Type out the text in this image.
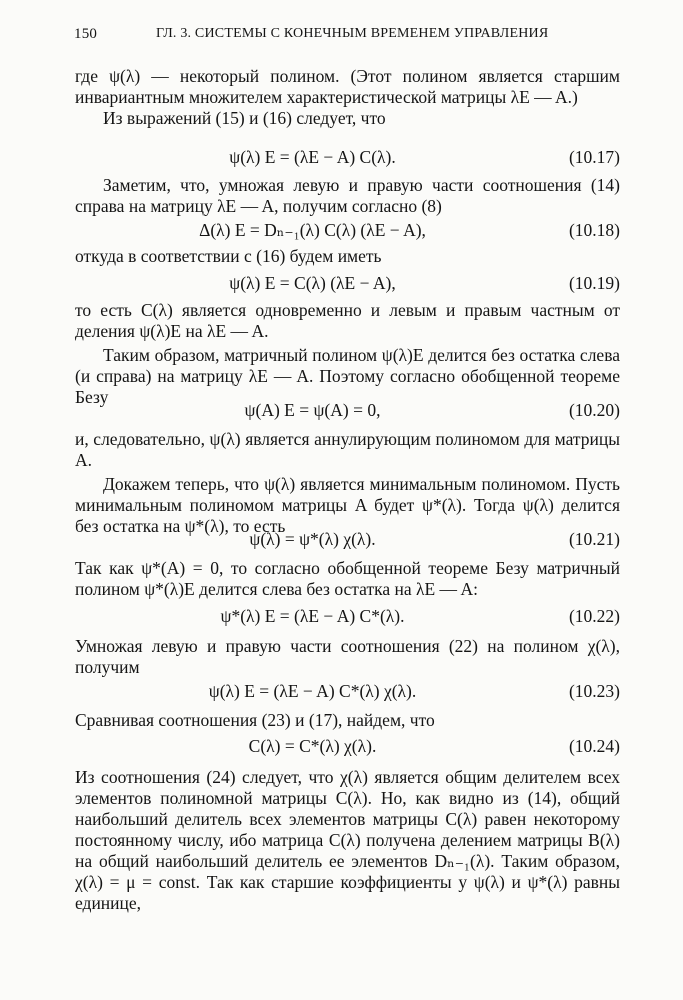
150	ГЛ. 3. СИСТЕМЫ С КОНЕЧНЫМ ВРЕМЕНЕМ УПРАВЛЕНИЯ

где ψ(λ) — некоторый полином. (Этот полином является старшим инвариантным множителем характеристической матрицы λE — A.)

Из выражений (15) и (16) следует, что

ψ(λ) E = (λE − A) C(λ).	(10.17)

Заметим, что, умножая левую и правую части соотношения (14) справа на матрицу λE — A, получим согласно (8)

Δ(λ) E = Dₙ₋₁(λ) C(λ) (λE − A),	(10.18)

откуда в соответствии с (16) будем иметь

ψ(λ) E = C(λ) (λE − A),	(10.19)

то есть C(λ) является одновременно и левым и правым частным от деления ψ(λ)E на λE — A.

Таким образом, матричный полином ψ(λ)E делится без остатка слева (и справа) на матрицу λE — A. Поэтому согласно обобщенной теореме Безу

ψ(A) E = ψ(A) = 0,	(10.20)

и, следовательно, ψ(λ) является аннулирующим полиномом для матрицы A.

Докажем теперь, что ψ(λ) является минимальным полиномом. Пусть минимальным полиномом матрицы A будет ψ*(λ). Тогда ψ(λ) делится без остатка на ψ*(λ), то есть

ψ(λ) = ψ*(λ) χ(λ).	(10.21)

Так как ψ*(A) = 0, то согласно обобщенной теореме Безу матричный полином ψ*(λ)E делится слева без остатка на λE — A:

ψ*(λ) E = (λE − A) C*(λ).	(10.22)

Умножая левую и правую части соотношения (22) на полином χ(λ), получим

ψ(λ) E = (λE − A) C*(λ) χ(λ).	(10.23)

Сравнивая соотношения (23) и (17), найдем, что

C(λ) = C*(λ) χ(λ).	(10.24)

Из соотношения (24) следует, что χ(λ) является общим делителем всех элементов полиномной матрицы C(λ). Но, как видно из (14), общий наибольший делитель всех элементов матрицы C(λ) равен некоторому постоянному числу, ибо матрица C(λ) получена делением матрицы B(λ) на общий наибольший делитель ее элементов Dₙ₋₁(λ). Таким образом, χ(λ) = μ = const. Так как старшие коэффициенты у ψ(λ) и ψ*(λ) равны единице,
